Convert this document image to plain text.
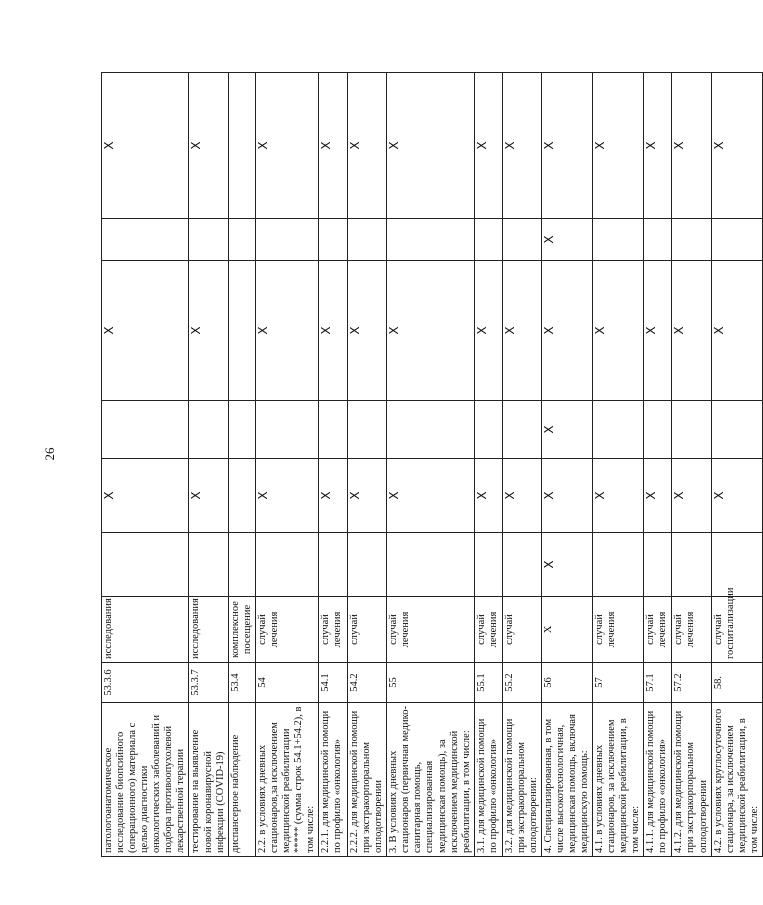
26
патологоанатомическое исследование биопсийного (операционного) материала с целью диагностики онкологических заболеваний и подбора противоопухолевой лекарственной терапии	53.3.6	исследования		Х		Х		Х
тестирование на выявление новой коронавирусной инфекции (COVID-19)	53.3.7	исследования		Х		Х		Х
диспансерное наблюдение	53.4	комплексное посещение						
2.2. в условиях дневных стационаров,за исключением медицинской реабилитации ***** (сумма строк 54.1+54.2), в том числе:	54	случай лечения		Х		Х		Х
2.2.1. для медицинской помощи по профилю «онкология»	54.1	случай лечения		Х		Х		Х
2.2.2. для медицинской помощи при экстракорпоральном оплодотворении	54.2	случай		Х		Х		Х
3. В условиях дневных стационаров (первичная медико-санитарная помощь, специализированная медицинская помощь), за исключением медицинской реабилитации, в том числе:	55	случай лечения		Х		Х		Х
3.1. для медицинской помощи по профилю «онкология»	55.1	случай лечения		Х		Х		Х
3.2. для медицинской помощи при экстракорпоральном оплодотворении:	55.2	случай		Х		Х		Х
4. Специализированная, в том числе высокотехнологичная, медицинская помощь, включая медицинскую помощь:	56	Х	Х	Х	Х	Х	Х	Х
4.1. в условиях дневных стационаров, за исключением медицинской реабилитации, в том числе:	57	случай лечения		Х		Х		Х
4.1.1. для медицинской помощи по профилю «онкология»	57.1	случай лечения		Х		Х		Х
4.1.2. для медицинской помощи при экстракорпоральном оплодотворении	57.2	случай лечения		Х		Х		Х
4.2. в условиях круглосуточного стационара, за исключением медицинской реабилитации, в том числе:	58.	случай госпитализации		Х		Х		Х
